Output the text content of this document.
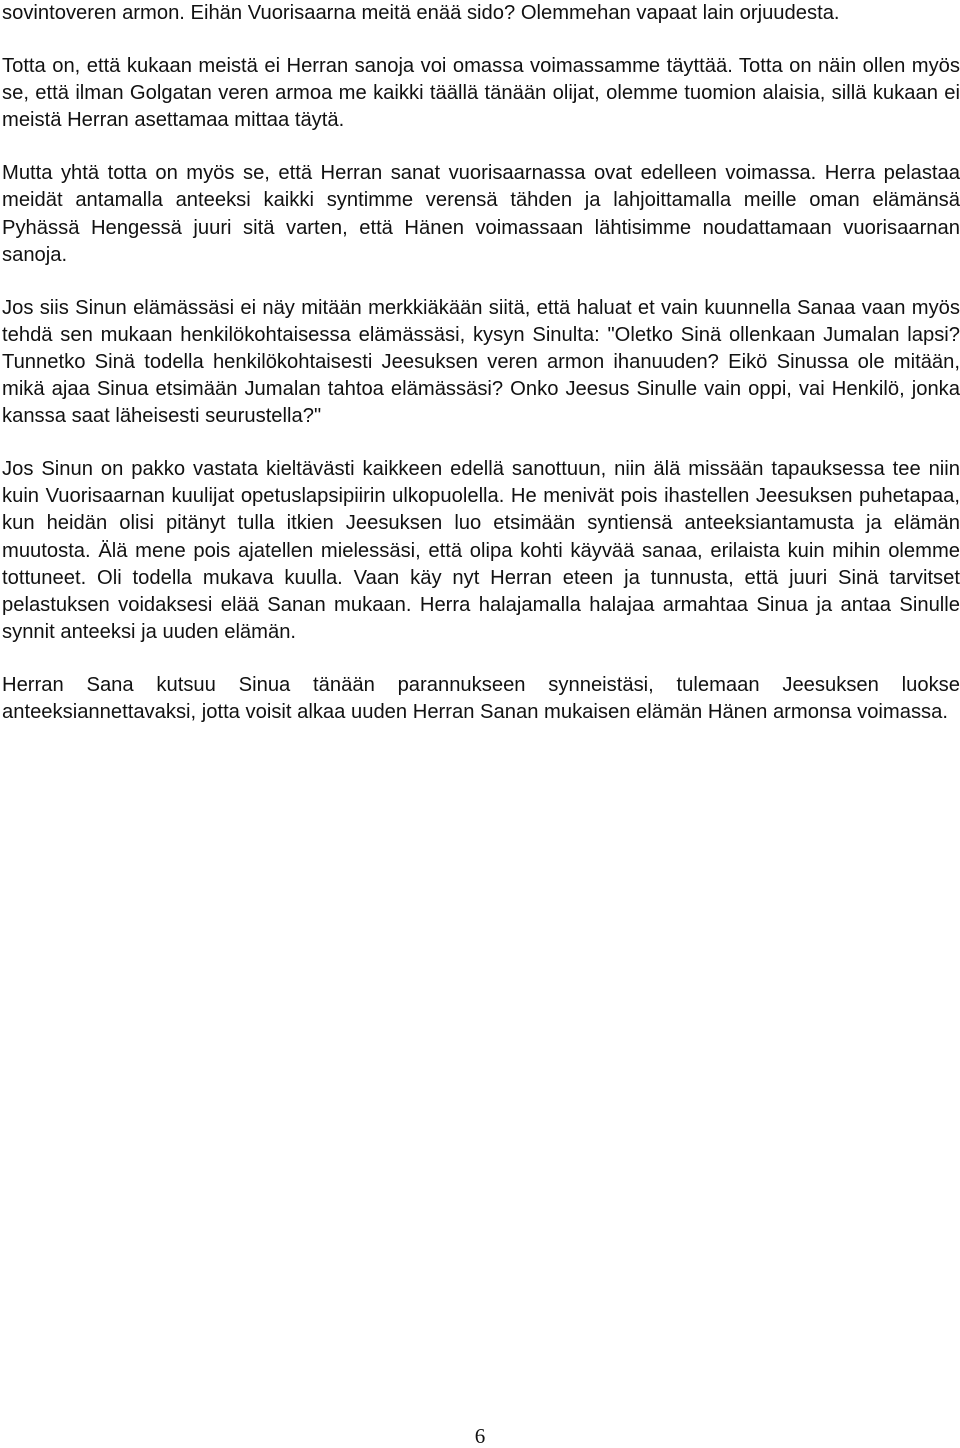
sovintoveren armon. Eihän Vuorisaarna meitä enää sido? Olemmehan vapaat lain orjuudesta.

Totta on, että kukaan meistä ei Herran sanoja voi omassa voimassamme täyttää. Totta on näin ollen myös se, että ilman Golgatan veren armoa me kaikki täällä tänään olijat, olemme tuomion alaisia, sillä kukaan ei meistä Herran asettamaa mittaa täytä.

Mutta yhtä totta on myös se, että Herran sanat vuorisaarnassa ovat edelleen voimassa. Herra pelastaa meidät antamalla anteeksi kaikki syntimme verensä tähden ja lahjoittamalla meille oman elämänsä Pyhässä Hengessä juuri sitä varten, että Hänen voimassaan lähtisimme noudattamaan vuorisaarnan sanoja.

Jos siis Sinun elämässäsi ei näy mitään merkkiäkään siitä, että haluat et vain kuunnella Sanaa vaan myös tehdä sen mukaan henkilökohtaisessa elämässäsi, kysyn Sinulta: "Oletko Sinä ollenkaan Jumalan lapsi? Tunnetko Sinä todella henkilökohtaisesti Jeesuksen veren armon ihanuuden? Eikö Sinussa ole mitään, mikä ajaa Sinua etsimään Jumalan tahtoa elämässäsi? Onko Jeesus Sinulle vain oppi, vai Henkilö, jonka kanssa saat läheisesti seurustella?"

Jos Sinun on pakko vastata kieltävästi kaikkeen edellä sanottuun, niin älä missään tapauksessa tee niin kuin Vuorisaarnan kuulijat opetuslapsipiirin ulkopuolella. He menivät pois ihastellen Jeesuksen puhetapaa, kun heidän olisi pitänyt tulla itkien Jeesuksen luo etsimään syntiensä anteeksiantamusta ja elämän muutosta. Älä mene pois ajatellen mielessäsi, että olipa kohti käyvää sanaa, erilaista kuin mihin olemme tottuneet. Oli todella mukava kuulla. Vaan käy nyt Herran eteen ja tunnusta, että juuri Sinä tarvitset pelastuksen voidaksesi elää Sanan mukaan. Herra halajamalla halajaa armahtaa Sinua ja antaa Sinulle synnit anteeksi ja uuden elämän.

Herran Sana kutsuu Sinua tänään parannukseen synneistäsi, tulemaan Jeesuksen luokse anteeksiannettavaksi, jotta voisit alkaa uuden Herran Sanan mukaisen elämän Hänen armonsa voimassa.

6
